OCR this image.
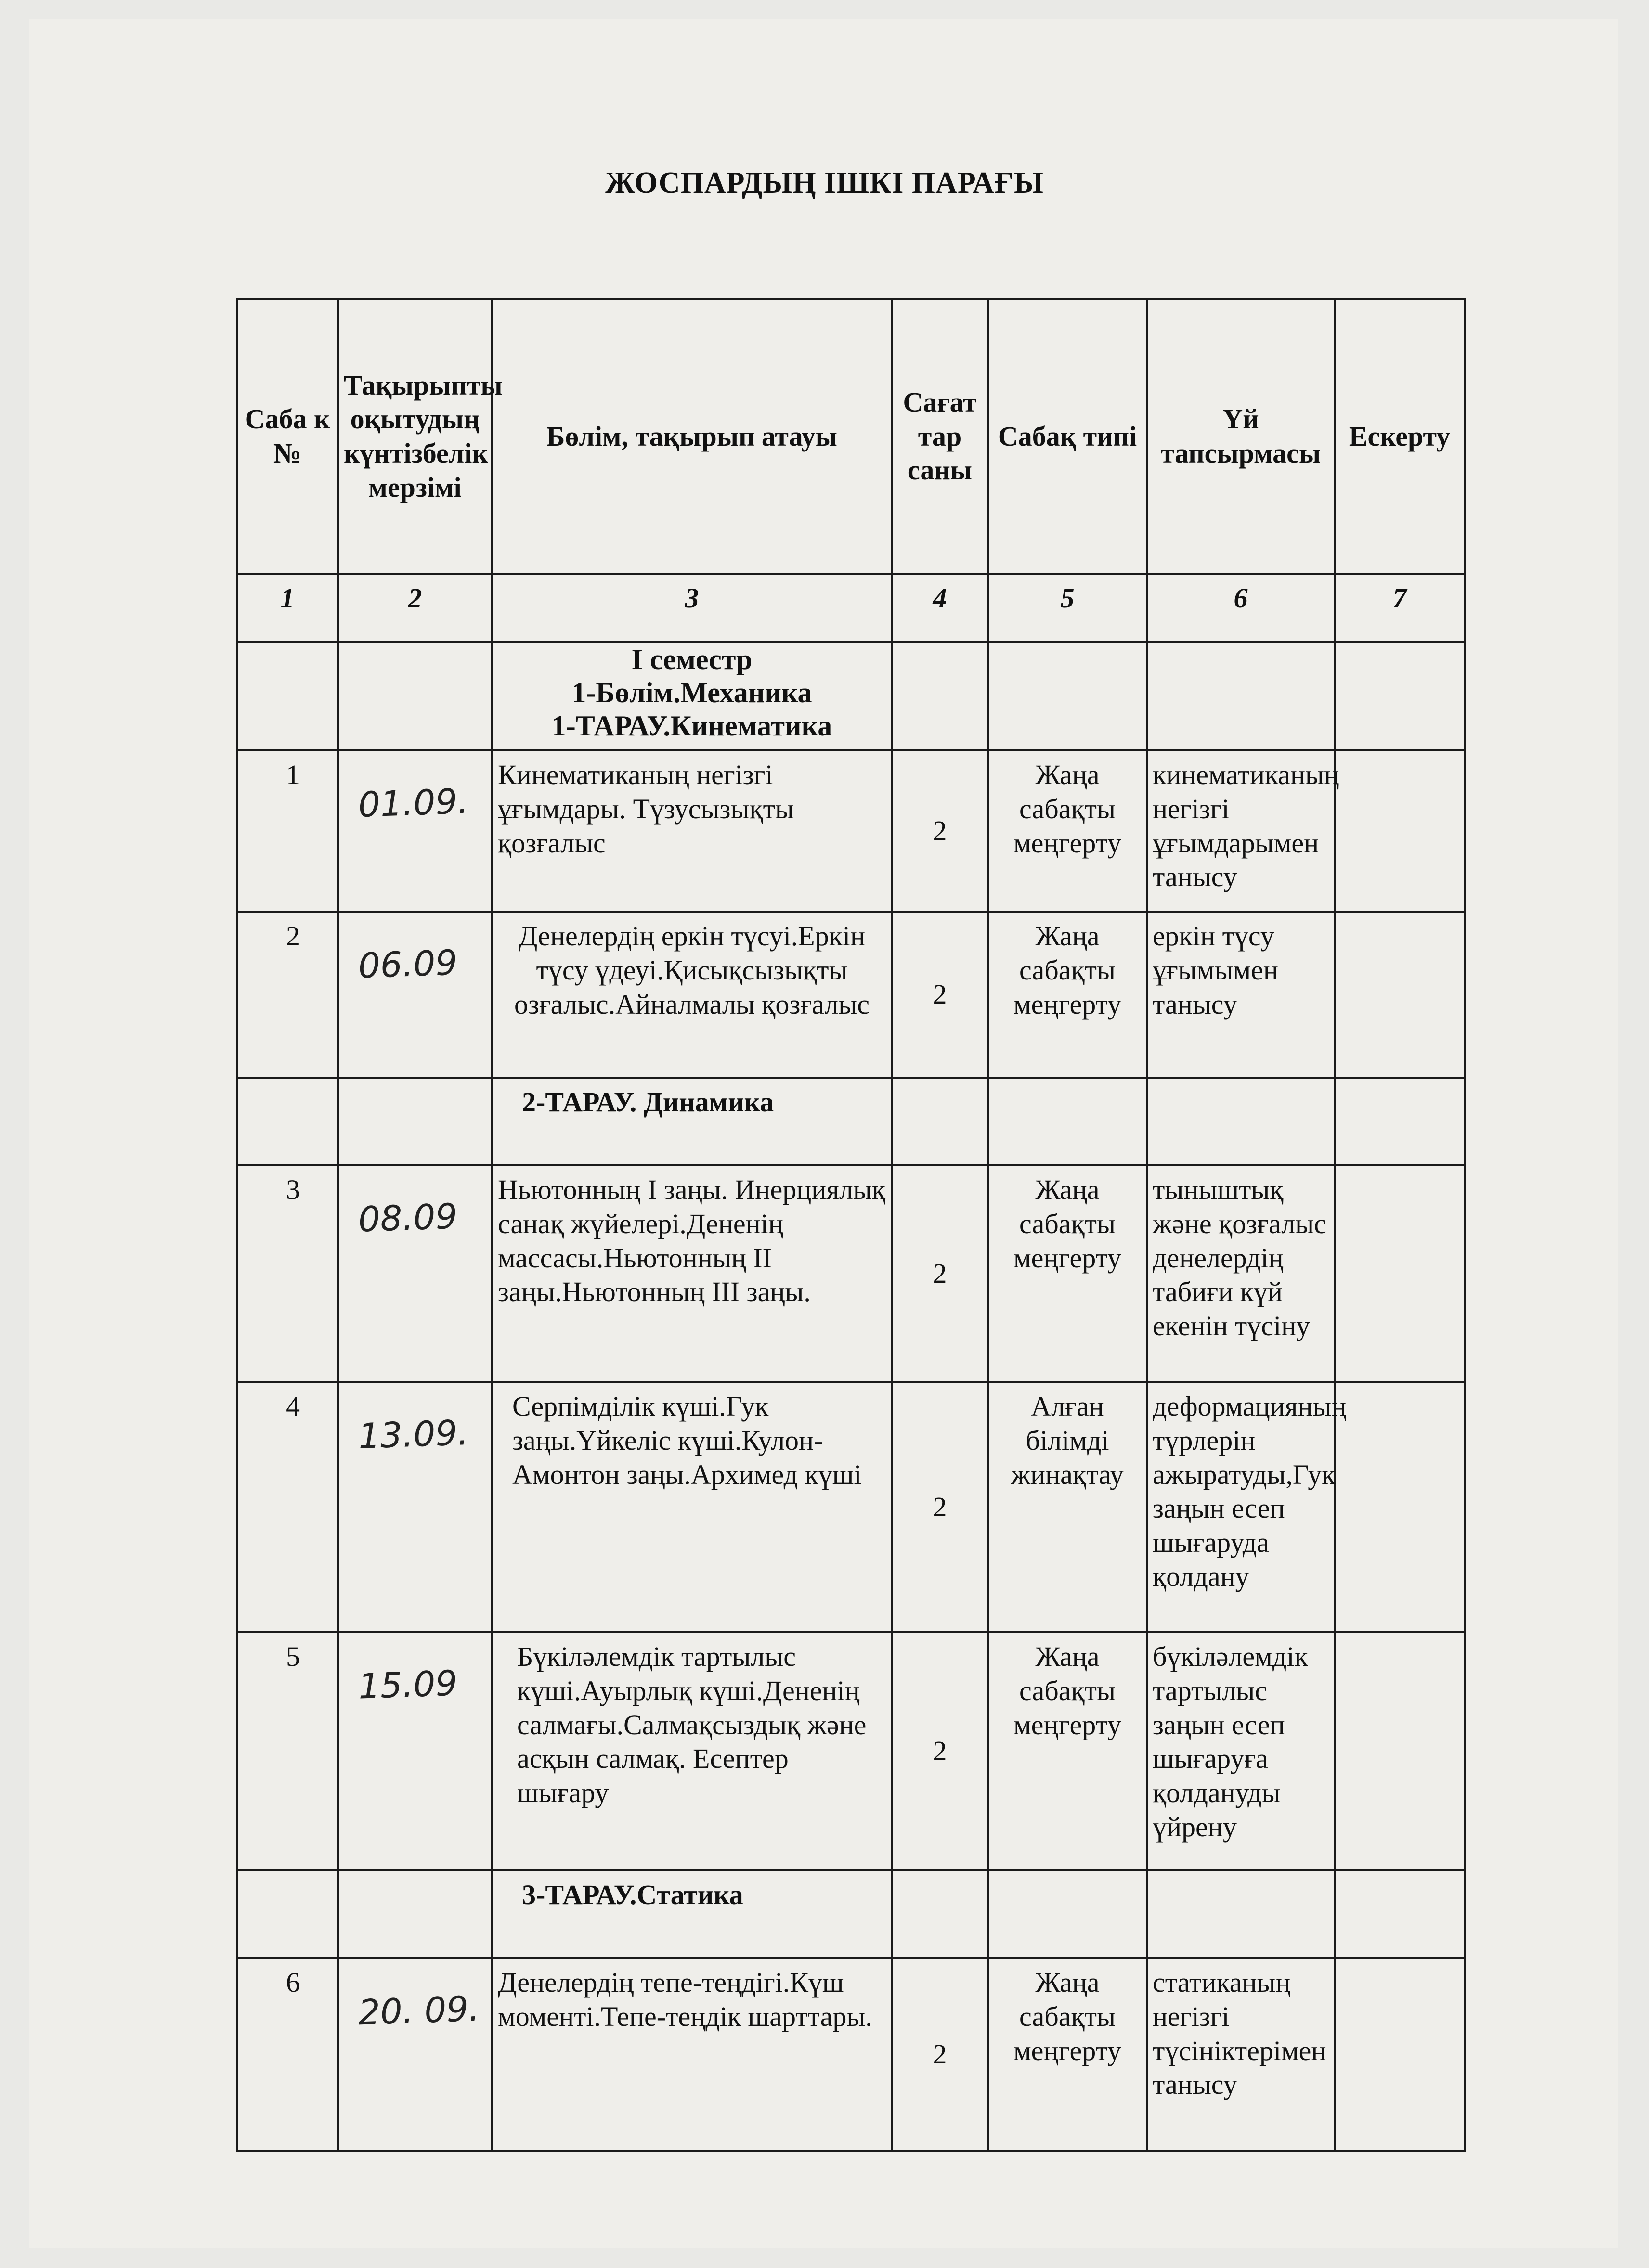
ЖОСПАРДЫҢ ІШКІ ПАРАҒЫ
Саба к №	Тақырыпты оқытудың күнтізбелік мерзімі	Бөлім, тақырып атауы	Сағат тар саны	Сабақ типі	Үй тапсырмасы	Ескерту
1	2	3	4	5	6	7

		I семестр
1-Бөлім.Механика
1-ТАРАУ.Кинематика				

1	01.09.	Кинематиканың негізгі ұғымдары. Түзусызықты қозғалыс	2	Жаңа сабақты меңгерту	кинематиканың негізгі ұғымдарымен танысу	
2	06.09	Денелердің еркін түсуі.Еркін түсу үдеуі.Қисықсызықты озғалыс.Айналмалы қозғалыс	2	Жаңа сабақты меңгерту	еркін түсу ұғымымен танысу	
		2-ТАРАУ. Динамика				
3	08.09	Ньютонның I заңы. Инерциялық санақ жүйелері.Дененің массасы.Ньютонның II заңы.Ньютонның III заңы.	2	Жаңа сабақты меңгерту	тыныштық және қозғалыс денелердің табиғи күй екенін түсіну	
4	13.09.	Серпімділік күші.Гук заңы.Үйкеліс күші.Кулон-Амонтон заңы.Архимед күші	2	Алған білімді жинақтау	деформацияның түрлерін ажыратуды,Гук заңын есеп шығаруда қолдану	
5	15.09	Бүкіләлемдік тартылыс күші.Ауырлық күші.Дененің салмағы.Салмақсыздық және асқын салмақ. Есептер шығару	2	Жаңа сабақты меңгерту	бүкіләлемдік тартылыс заңын есеп шығаруға қолдануды үйрену	
		3-ТАРАУ.Статика				
6	20. 09.	Денелердің тепе-теңдігі.Күш моменті.Тепе-теңдік шарттары.	2	Жаңа сабақты меңгерту	статиканың негізгі түсініктерімен танысу	
